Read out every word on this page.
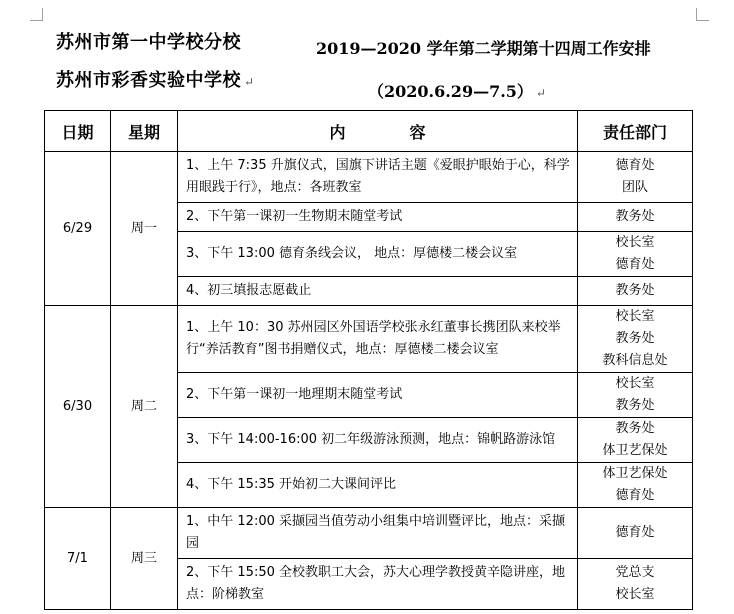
苏州市第一中学校分校
苏州市彩香实验中学校 ↵
2019—2020 学年第二学期第十四周工作安排
（2020.6.29—7.5） ↵
日期	星期	内　　　　容	责任部门
6/29	周一	1、上午 7:35 升旗仪式，国旗下讲话主题《爱眼护眼始于心，科学用眼践于行》，地点：各班教室	德育处
团队
		2、下午第一课初一生物期末随堂考试	教务处
		3、下午 13:00 德育条线会议， 地点：厚德楼二楼会议室	校长室
德育处
		4、初三填报志愿截止	教务处
6/30	周二	1、上午 10：30 苏州园区外国语学校张永红董事长携团队来校举行“养活教育”图书捐赠仪式，地点：厚德楼二楼会议室	校长室
教务处
教科信息处
		2、下午第一课初一地理期末随堂考试	校长室
教务处
		3、下午 14:00-16:00 初二年级游泳预测，地点：锦帆路游泳馆	教务处
体卫艺保处
		4、下午 15:35 开始初二大课间评比	体卫艺保处
德育处
7/1	周三	1、中午 12:00 采撷园当值劳动小组集中培训暨评比，地点：采撷园	德育处
		2、下午 15:50 全校教职工大会，苏大心理学教授黄辛隐讲座，地点：阶梯教室	党总支
校长室
